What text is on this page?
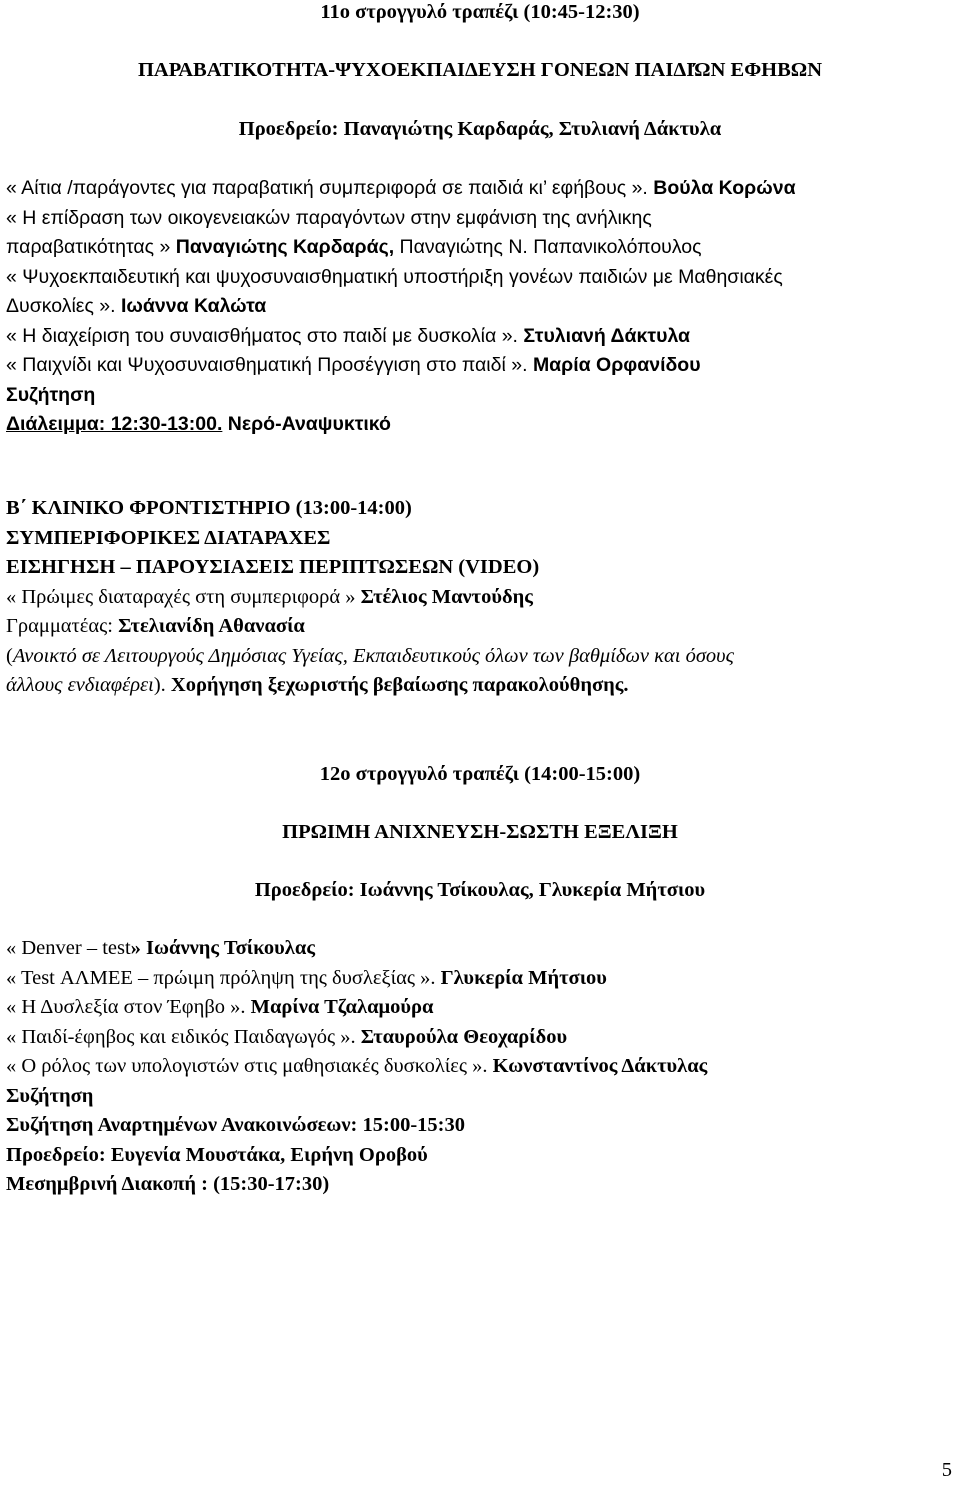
11ο στρογγυλό τραπέζι (10:45-12:30)
ΠΑΡΑΒΑΤΙΚΟΤΗΤΑ-ΨΥΧΟΕΚΠΑΙΔΕΥΣΗ ΓΟΝΕΩΝ ΠΑΙΔΙΏΝ ΕΦΗΒΩΝ
Προεδρείο: Παναγιώτης Καρδαράς, Στυλιανή Δάκτυλα
« Αίτια /παράγοντες για παραβατική συμπεριφορά σε παιδιά κι’ εφήβους ». Βούλα Κορώνα
« Η επίδραση των οικογενειακών παραγόντων στην εμφάνιση της ανήλικης
παραβατικότητας » Παναγιώτης Καρδαράς, Παναγιώτης Ν. Παπανικολόπουλος
« Ψυχοεκπαιδευτική και ψυχοσυναισθηματική υποστήριξη γονέων παιδιών με Μαθησιακές
Δυσκολίες ». Ιωάννα Καλώτα
« Η διαχείριση του συναισθήματος στο παιδί με δυσκολία ». Στυλιανή Δάκτυλα
« Παιχνίδι και Ψυχοσυναισθηματική Προσέγγιση στο παιδί ». Μαρία Ορφανίδου
Συζήτηση
Διάλειμμα: 12:30-13:00. Νερό-Αναψυκτικό
Β΄ ΚΛΙΝΙΚΟ ΦΡΟΝΤΙΣΤΗΡΙΟ (13:00-14:00)
ΣΥΜΠΕΡΙΦΟΡΙΚΕΣ ΔΙΑΤΑΡΑΧΕΣ
ΕΙΣΗΓΗΣΗ – ΠΑΡΟΥΣΙΑΣΕΙΣ ΠΕΡΙΠΤΩΣΕΩΝ (VIDEO)
« Πρώιμες διαταραχές στη συμπεριφορά » Στέλιος Μαντούδης
Γραμματέας: Στελιανίδη Αθανασία
(Ανοικτό σε Λειτουργούς Δημόσιας Υγείας, Εκπαιδευτικούς όλων των βαθμίδων και όσους
άλλους ενδιαφέρει). Χορήγηση ξεχωριστής βεβαίωσης παρακολούθησης.
12ο στρογγυλό τραπέζι (14:00-15:00)
ΠΡΩΙΜΗ ΑΝΙΧΝΕΥΣΗ-ΣΩΣΤΗ ΕΞΕΛΙΞΗ
Προεδρείο: Ιωάννης Τσίκουλας, Γλυκερία Μήτσιου
« Denver – test» Ιωάννης Τσίκουλας
« Test ΑΛΜΕΕ – πρώιμη πρόληψη της δυσλεξίας ». Γλυκερία Μήτσιου
« Η Δυσλεξία στον Έφηβο ». Μαρίνα Τζαλαμούρα
« Παιδί-έφηβος και ειδικός Παιδαγωγός ». Σταυρούλα Θεοχαρίδου
« Ο ρόλος των υπολογιστών στις μαθησιακές δυσκολίες ». Κωνσταντίνος Δάκτυλας
Συζήτηση
Συζήτηση Αναρτημένων Ανακοινώσεων: 15:00-15:30
Προεδρείο: Ευγενία Μουστάκα, Ειρήνη Οροβού
Μεσημβρινή Διακοπή : (15:30-17:30)
5
